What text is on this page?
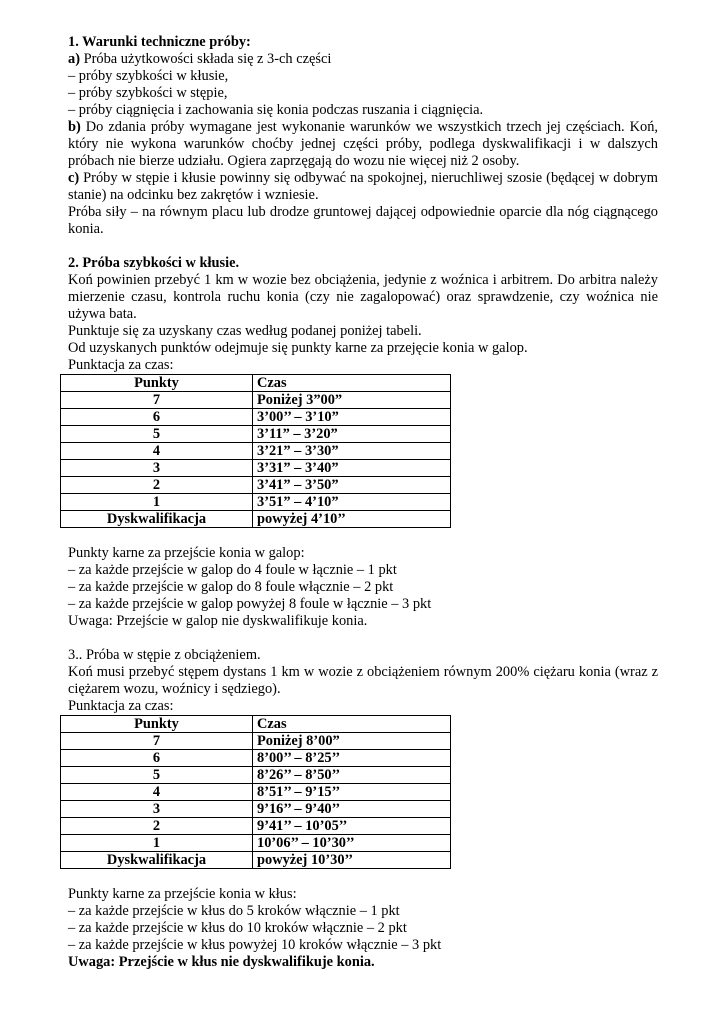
1. Warunki techniczne próby:
a) Próba użytkowości składa się z 3-ch części
– próby szybkości w kłusie,
– próby szybkości w stępie,
– próby ciągnięcia i zachowania się konia podczas ruszania i ciągnięcia.
b) Do zdania próby wymagane jest wykonanie warunków we wszystkich trzech jej częściach. Koń, który nie wykona warunków choćby jednej części próby, podlega dyskwalifikacji i w dalszych próbach nie bierze udziału. Ogiera zaprzęgają do wozu nie więcej niż 2 osoby.
c) Próby w stępie i kłusie powinny się odbywać na spokojnej, nieruchliwej szosie (będącej w dobrym stanie) na odcinku bez zakrętów i wzniesie.
Próba siły – na równym placu lub drodze gruntowej dającej odpowiednie oparcie dla nóg ciągnącego konia.
2. Próba szybkości w kłusie.
Koń powinien przebyć 1 km w wozie bez obciążenia, jedynie z woźnica i arbitrem. Do arbitra należy mierzenie czasu, kontrola ruchu konia (czy nie zagalopować) oraz sprawdzenie, czy woźnica nie używa bata.
Punktuje się za uzyskany czas według podanej poniżej tabeli.
Od uzyskanych punktów odejmuje się punkty karne za przejęcie konia w galop.
Punktacja za czas:
Punkty	Czas
7	Poniżej 3”00”
6	3’00’’ – 3’10”
5	3’11” – 3’20”
4	3’21” – 3’30”
3	3’31” – 3’40”
2	3’41” – 3’50”
1	3’51” – 4’10”
Dyskwalifikacja	powyżej 4’10’’
Punkty karne za przejście konia w galop:
– za każde przejście w galop do 4 foule w łącznie – 1 pkt
– za każde przejście w galop do 8 foule włącznie – 2 pkt
– za każde przejście w galop powyżej 8 foule w łącznie – 3 pkt
Uwaga: Przejście w galop nie dyskwalifikuje konia.
3.. Próba w stępie z obciążeniem.
Koń musi przebyć stępem dystans 1 km w wozie z obciążeniem równym 200% ciężaru konia (wraz z ciężarem wozu, woźnicy i sędziego).
Punktacja za czas:
Punkty	Czas
7	Poniżej 8’00”
6	8’00’’ – 8’25’’
5	8’26’’ – 8’50’’
4	8’51’’ – 9’15’’
3	9’16’’ – 9’40’’
2	9’41’’ – 10’05’’
1	10’06’’ – 10’30’’
Dyskwalifikacja	powyżej 10’30’’
Punkty karne za przejście konia w kłus:
– za każde przejście w kłus do 5 kroków włącznie – 1 pkt
– za każde przejście w kłus do 10 kroków włącznie – 2 pkt
– za każde przejście w kłus powyżej 10 kroków włącznie – 3 pkt
Uwaga: Przejście w kłus nie dyskwalifikuje konia.
